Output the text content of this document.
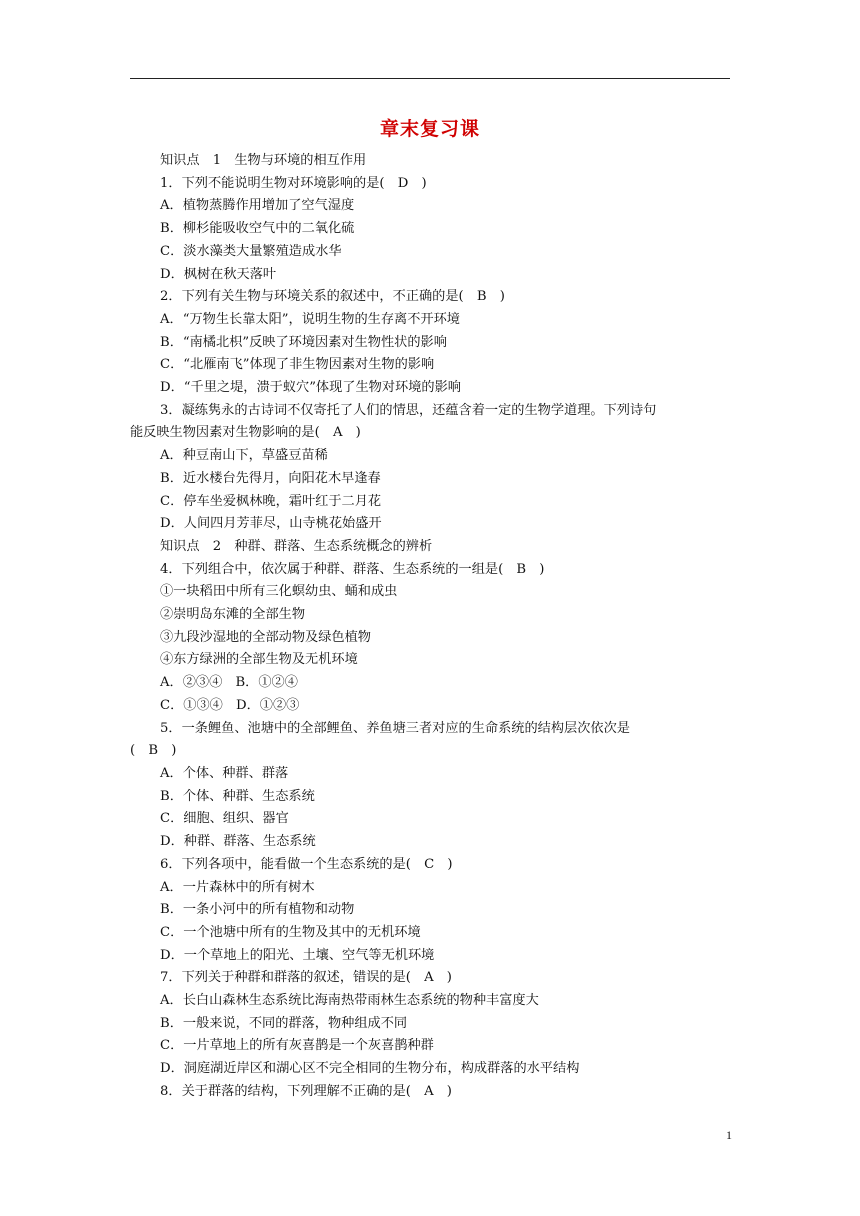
章末复习课
知识点　1　生物与环境的相互作用
1．下列不能说明生物对环境影响的是(　D　)
A．植物蒸腾作用增加了空气湿度
B．柳杉能吸收空气中的二氧化硫
C．淡水藻类大量繁殖造成水华
D．枫树在秋天落叶
2．下列有关生物与环境关系的叙述中，不正确的是(　B　)
A．“万物生长靠太阳”，说明生物的生存离不开环境
B．“南橘北枳”反映了环境因素对生物性状的影响
C．“北雁南飞”体现了非生物因素对生物的影响
D．“千里之堤，溃于蚁穴”体现了生物对环境的影响
3．凝练隽永的古诗词不仅寄托了人们的情思，还蕴含着一定的生物学道理。下列诗句
能反映生物因素对生物影响的是(　A　)
A．种豆南山下，草盛豆苗稀
B．近水楼台先得月，向阳花木早逢春
C．停车坐爱枫林晚，霜叶红于二月花
D．人间四月芳菲尽，山寺桃花始盛开
知识点　2　种群、群落、生态系统概念的辨析
4．下列组合中，依次属于种群、群落、生态系统的一组是(　B　)
①一块稻田中所有三化螟幼虫、蛹和成虫
②崇明岛东滩的全部生物
③九段沙湿地的全部动物及绿色植物
④东方绿洲的全部生物及无机环境
A．②③④　B．①②④
C．①③④　D．①②③
5．一条鲤鱼、池塘中的全部鲤鱼、养鱼塘三者对应的生命系统的结构层次依次是
(　B　)
A．个体、种群、群落
B．个体、种群、生态系统
C．细胞、组织、器官
D．种群、群落、生态系统
6．下列各项中，能看做一个生态系统的是(　C　)
A．一片森林中的所有树木
B．一条小河中的所有植物和动物
C．一个池塘中所有的生物及其中的无机环境
D．一个草地上的阳光、土壤、空气等无机环境
7．下列关于种群和群落的叙述，错误的是(　A　)
A．长白山森林生态系统比海南热带雨林生态系统的物种丰富度大
B．一般来说，不同的群落，物种组成不同
C．一片草地上的所有灰喜鹊是一个灰喜鹊种群
D．洞庭湖近岸区和湖心区不完全相同的生物分布，构成群落的水平结构
8．关于群落的结构，下列理解不正确的是(　A　)
1
